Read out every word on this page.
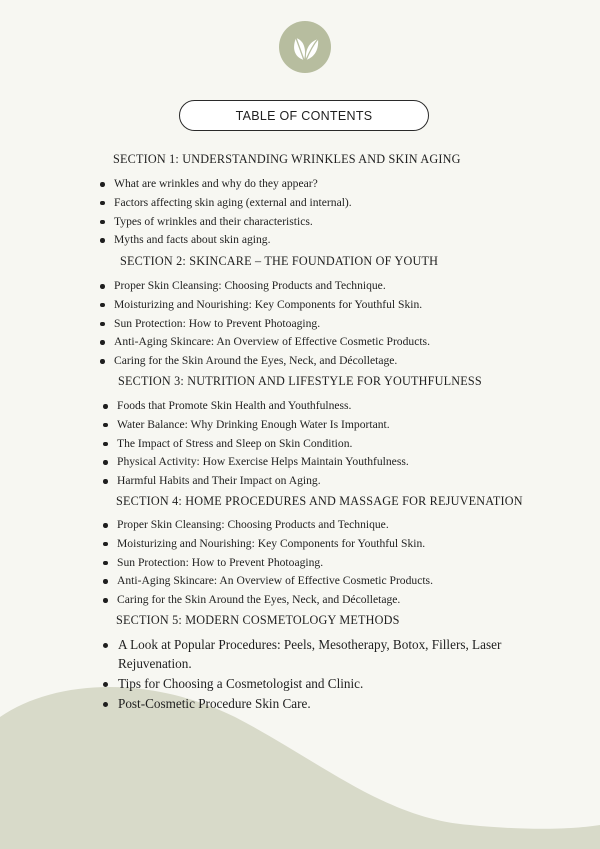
TABLE OF CONTENTS
SECTION 1: UNDERSTANDING WRINKLES AND SKIN AGING
What are wrinkles and why do they appear?
Factors affecting skin aging (external and internal).
Types of wrinkles and their characteristics.
Myths and facts about skin aging.
SECTION 2: SKINCARE – THE FOUNDATION OF YOUTH
Proper Skin Cleansing: Choosing Products and Technique.
Moisturizing and Nourishing: Key Components for Youthful Skin.
Sun Protection: How to Prevent Photoaging.
Anti-Aging Skincare: An Overview of Effective Cosmetic Products.
Caring for the Skin Around the Eyes, Neck, and Décolletage.
SECTION 3: NUTRITION AND LIFESTYLE FOR YOUTHFULNESS
Foods that Promote Skin Health and Youthfulness.
Water Balance: Why Drinking Enough Water Is Important.
The Impact of Stress and Sleep on Skin Condition.
Physical Activity: How Exercise Helps Maintain Youthfulness.
Harmful Habits and Their Impact on Aging.
SECTION 4: HOME PROCEDURES AND MASSAGE FOR REJUVENATION
Proper Skin Cleansing: Choosing Products and Technique.
Moisturizing and Nourishing: Key Components for Youthful Skin.
Sun Protection: How to Prevent Photoaging.
Anti-Aging Skincare: An Overview of Effective Cosmetic Products.
Caring for the Skin Around the Eyes, Neck, and Décolletage.
SECTION 5: MODERN COSMETOLOGY METHODS
A Look at Popular Procedures: Peels, Mesotherapy, Botox, Fillers, Laser Rejuvenation.
Tips for Choosing a Cosmetologist and Clinic.
Post-Cosmetic Procedure Skin Care.
